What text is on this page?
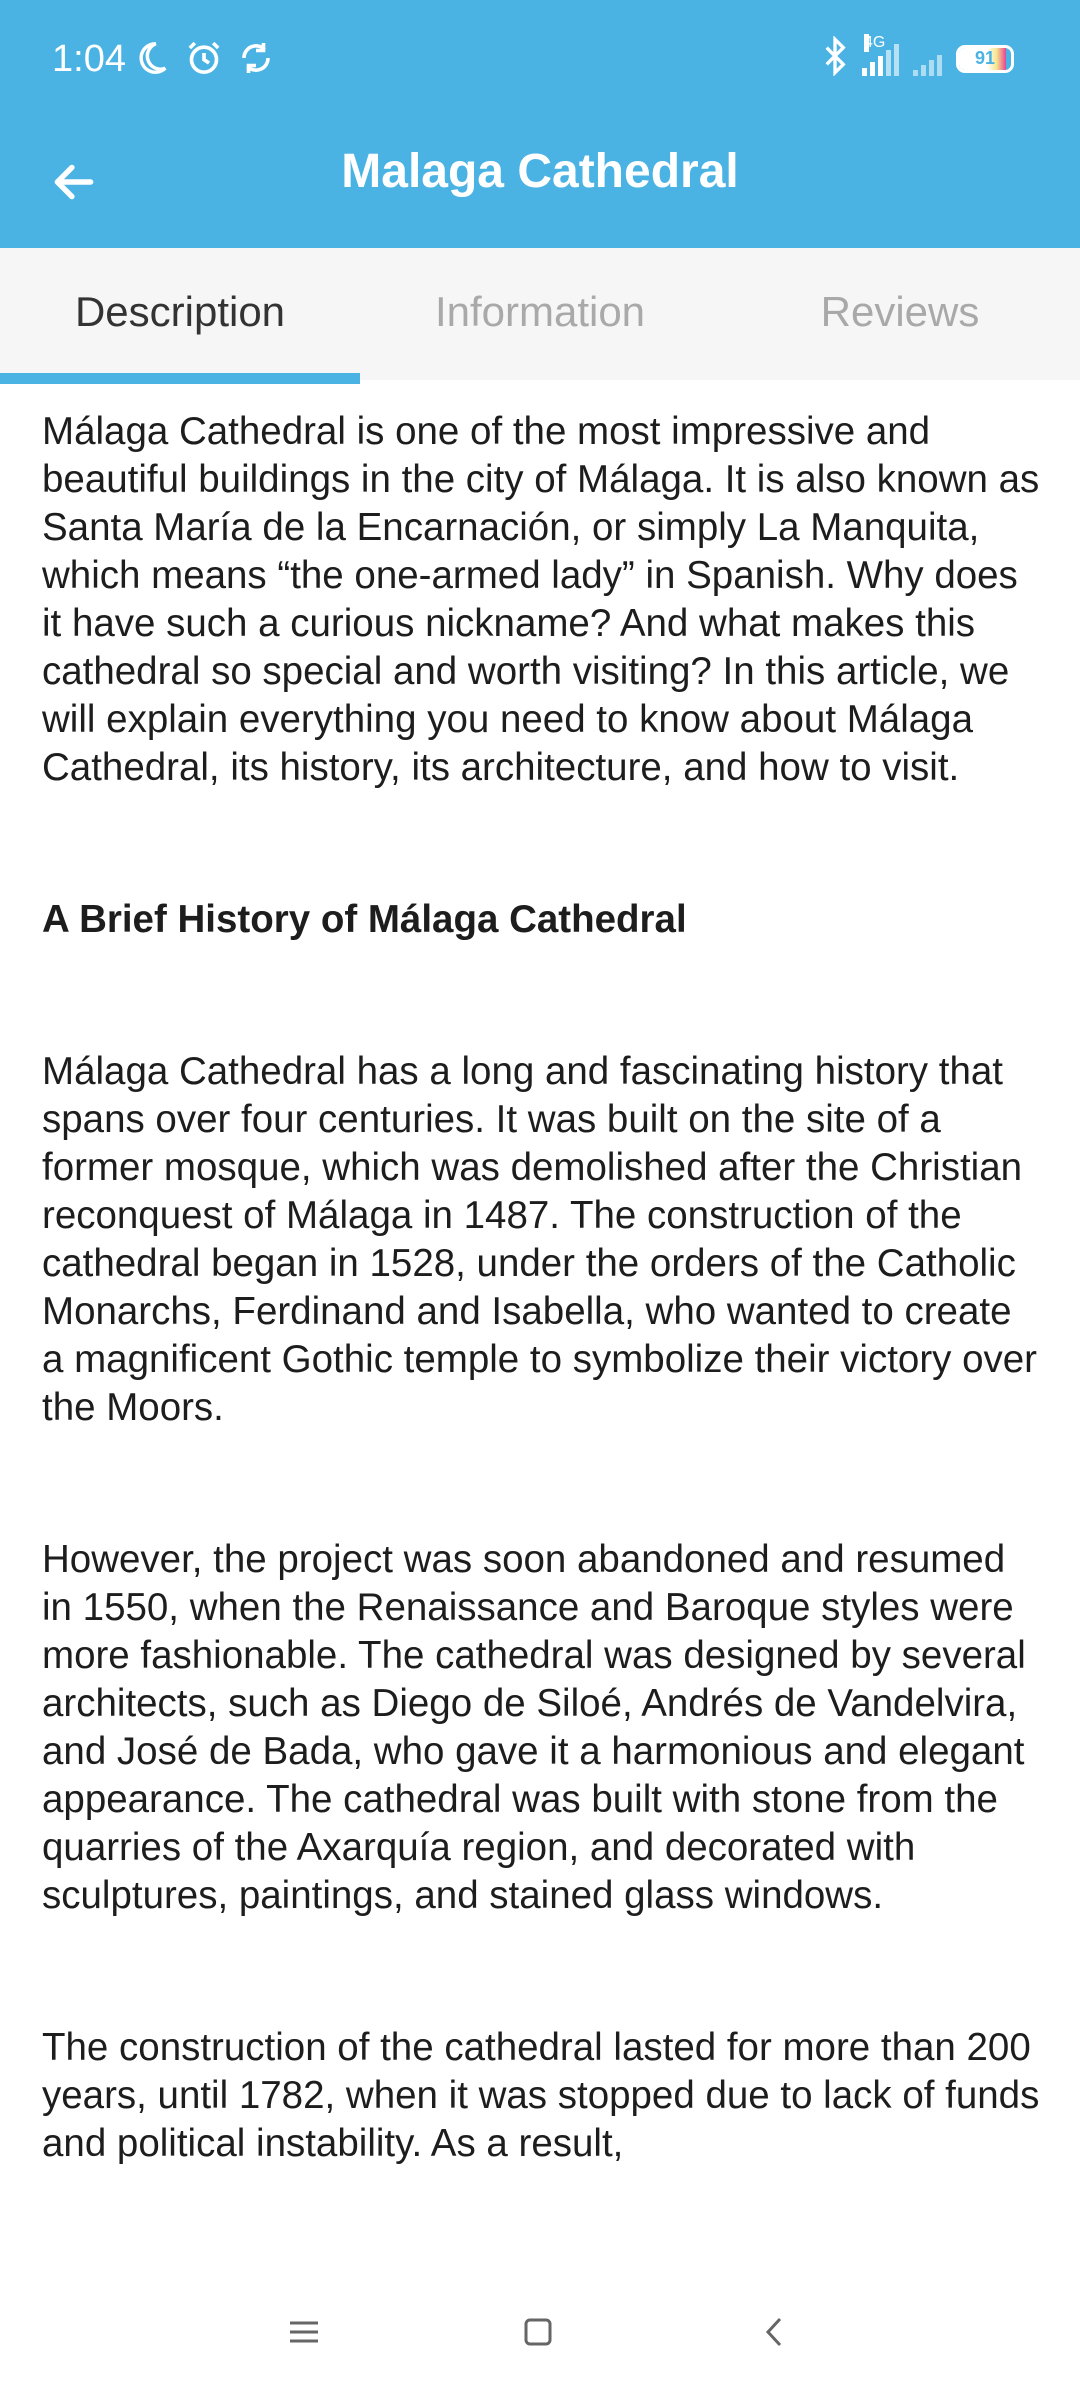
1:04	4G
91
Malaga Cathedral
Description	Information	Reviews

Málaga Cathedral is one of the most impressive and beautiful buildings in the city of Málaga. It is also known as Santa María de la Encarnación, or simply La Manquita, which means “the one-armed lady” in Spanish. Why does it have such a curious nickname? And what makes this cathedral so special and worth visiting? In this article, we will explain everything you need to know about Málaga Cathedral, its history, its architecture, and how to visit.

A Brief History of Málaga Cathedral

Málaga Cathedral has a long and fascinating history that spans over four centuries. It was built on the site of a former mosque, which was demolished after the Christian reconquest of Málaga in 1487. The construction of the cathedral began in 1528, under the orders of the Catholic Monarchs, Ferdinand and Isabella, who wanted to create a magnificent Gothic temple to symbolize their victory over the Moors.

However, the project was soon abandoned and resumed in 1550, when the Renaissance and Baroque styles were more fashionable. The cathedral was designed by several architects, such as Diego de Siloé, Andrés de Vandelvira, and José de Bada, who gave it a harmonious and elegant appearance. The cathedral was built with stone from the quarries of the Axarquía region, and decorated with sculptures, paintings, and stained glass windows.

The construction of the cathedral lasted for more than 200 years, until 1782, when it was stopped due to lack of funds and political instability. As a result,
